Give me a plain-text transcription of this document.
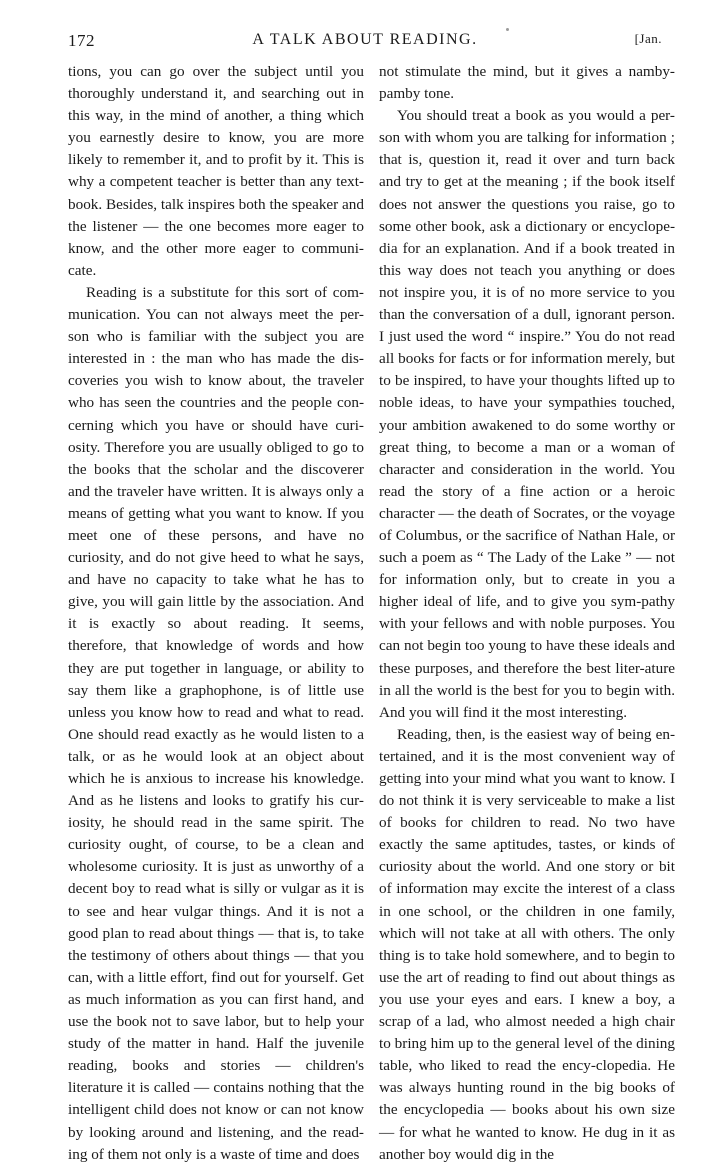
172	A TALK ABOUT READING.	[Jan.

tions, you can go over the subject until you thoroughly understand it, and searching out in this way, in the mind of another, a thing which you earnestly desire to know, you are more likely to remember it, and to profit by it. This is why a competent teacher is better than any text-book. Besides, talk inspires both the speaker and the listener — the one becomes more eager to know, and the other more eager to communi-cate.

Reading is a substitute for this sort of com-munication. You can not always meet the per-son who is familiar with the subject you are interested in : the man who has made the dis-coveries you wish to know about, the traveler who has seen the countries and the people con-cerning which you have or should have curi-osity. Therefore you are usually obliged to go to the books that the scholar and the discoverer and the traveler have written. It is always only a means of getting what you want to know. If you meet one of these persons, and have no curiosity, and do not give heed to what he says, and have no capacity to take what he has to give, you will gain little by the association. And it is exactly so about reading. It seems, therefore, that knowledge of words and how they are put together in language, or ability to say them like a graphophone, is of little use unless you know how to read and what to read. One should read exactly as he would listen to a talk, or as he would look at an object about which he is anxious to increase his knowledge. And as he listens and looks to gratify his cur-iosity, he should read in the same spirit. The curiosity ought, of course, to be a clean and wholesome curiosity. It is just as unworthy of a decent boy to read what is silly or vulgar as it is to see and hear vulgar things. And it is not a good plan to read about things — that is, to take the testimony of others about things — that you can, with a little effort, find out for yourself. Get as much information as you can first hand, and use the book not to save labor, but to help your study of the matter in hand. Half the juvenile reading, books and stories — children's literature it is called — contains nothing that the intelligent child does not know or can not know by looking around and listening, and the read-ing of them not only is a waste of time and does

not stimulate the mind, but it gives a namby-pamby tone.

You should treat a book as you would a per-son with whom you are talking for information ; that is, question it, read it over and turn back and try to get at the meaning ; if the book itself does not answer the questions you raise, go to some other book, ask a dictionary or encyclope-dia for an explanation. And if a book treated in this way does not teach you anything or does not inspire you, it is of no more service to you than the conversation of a dull, ignorant person. I just used the word “ inspire.” You do not read all books for facts or for information merely, but to be inspired, to have your thoughts lifted up to noble ideas, to have your sympathies touched, your ambition awakened to do some worthy or great thing, to become a man or a woman of character and consideration in the world. You read the story of a fine action or a heroic character — the death of Socrates, or the voyage of Columbus, or the sacrifice of Nathan Hale, or such a poem as “ The Lady of the Lake ” — not for information only, but to create in you a higher ideal of life, and to give you sym-pathy with your fellows and with noble purposes. You can not begin too young to have these ideals and these purposes, and therefore the best liter-ature in all the world is the best for you to begin with. And you will find it the most interesting.

Reading, then, is the easiest way of being en-tertained, and it is the most convenient way of getting into your mind what you want to know. I do not think it is very serviceable to make a list of books for children to read. No two have exactly the same aptitudes, tastes, or kinds of curiosity about the world. And one story or bit of information may excite the interest of a class in one school, or the children in one family, which will not take at all with others. The only thing is to take hold somewhere, and to begin to use the art of reading to find out about things as you use your eyes and ears. I knew a boy, a scrap of a lad, who almost needed a high chair to bring him up to the general level of the dining table, who liked to read the ency-clopedia. He was always hunting round in the big books of the encyclopedia — books about his own size — for what he wanted to know. He dug in it as another boy would dig in the
